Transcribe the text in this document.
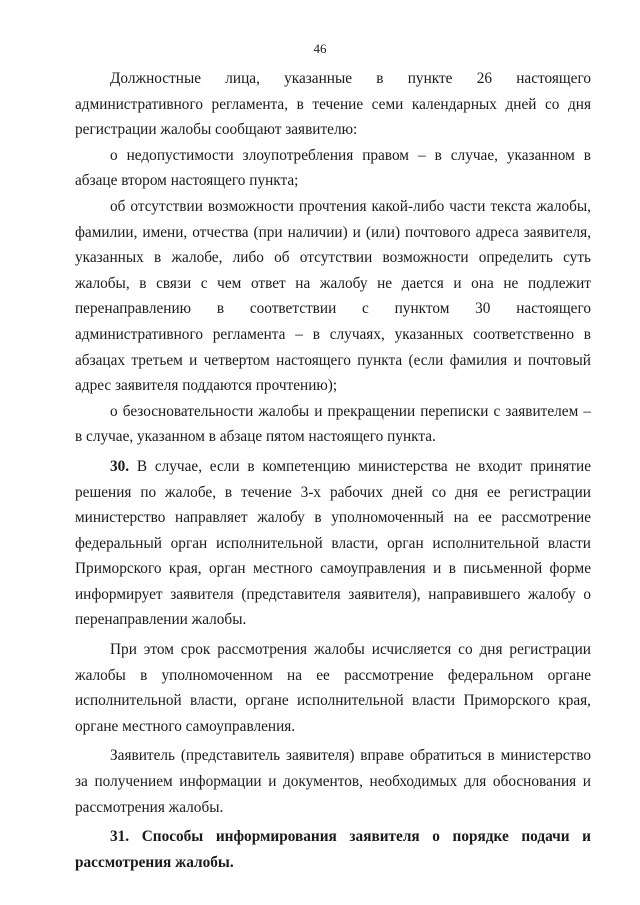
46

Должностные лица, указанные в пункте 26 настоящего административного регламента, в течение семи календарных дней со дня регистрации жалобы сообщают заявителю:

о недопустимости злоупотребления правом – в случае, указанном в абзаце втором настоящего пункта;

об отсутствии возможности прочтения какой-либо части текста жалобы, фамилии, имени, отчества (при наличии) и (или) почтового адреса заявителя, указанных в жалобе, либо об отсутствии возможности определить суть жалобы, в связи с чем ответ на жалобу не дается и она не подлежит перенаправлению в соответствии с пунктом 30 настоящего административного регламента – в случаях, указанных соответственно в абзацах третьем и четвертом настоящего пункта (если фамилия и почтовый адрес заявителя поддаются прочтению);

о безосновательности жалобы и прекращении переписки с заявителем – в случае, указанном в абзаце пятом настоящего пункта.

30. В случае, если в компетенцию министерства не входит принятие решения по жалобе, в течение 3-х рабочих дней со дня ее регистрации министерство направляет жалобу в уполномоченный на ее рассмотрение федеральный орган исполнительной власти, орган исполнительной власти Приморского края, орган местного самоуправления и в письменной форме информирует заявителя (представителя заявителя), направившего жалобу о перенаправлении жалобы.

При этом срок рассмотрения жалобы исчисляется со дня регистрации жалобы в уполномоченном на ее рассмотрение федеральном органе исполнительной власти, органе исполнительной власти Приморского края, органе местного самоуправления.

Заявитель (представитель заявителя) вправе обратиться в министерство за получением информации и документов, необходимых для обоснования и рассмотрения жалобы.

31. Способы информирования заявителя о порядке подачи и рассмотрения жалобы.
